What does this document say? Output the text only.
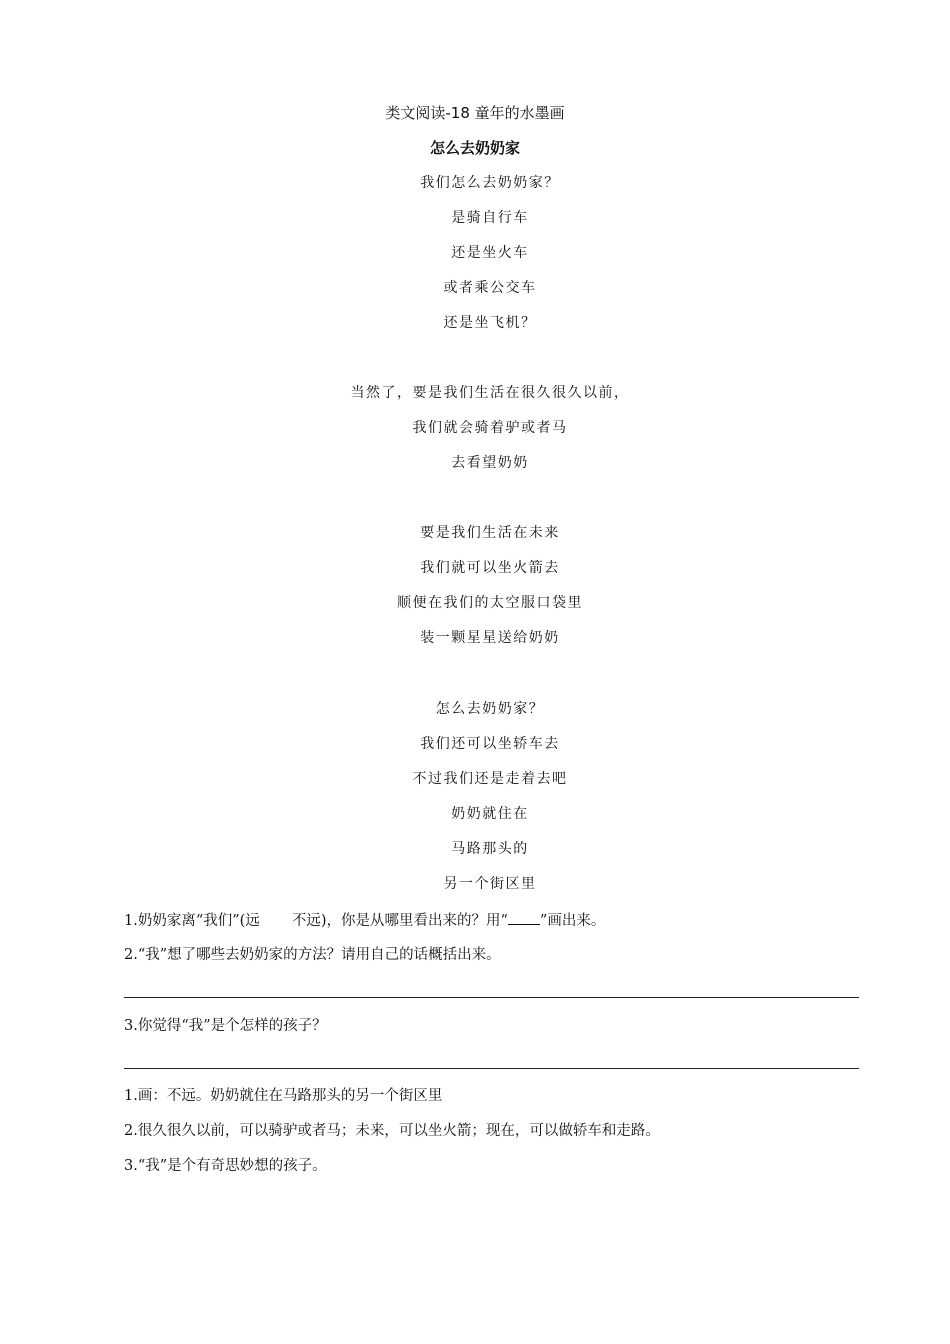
类文阅读-18 童年的水墨画
怎么去奶奶家
我们怎么去奶奶家？
是骑自行车
还是坐火车
或者乘公交车
还是坐飞机？
当然了，要是我们生活在很久很久以前，
我们就会骑着驴或者马
去看望奶奶
要是我们生活在未来
我们就可以坐火箭去
顺便在我们的太空服口袋里
装一颗星星送给奶奶
怎么去奶奶家？
我们还可以坐轿车去
不过我们还是走着去吧
奶奶就住在
马路那头的
另一个街区里
1.奶奶家离“我们”(远 不远)，你是从哪里看出来的？用“ ”画出来。
2.“我”想了哪些去奶奶家的方法？请用自己的话概括出来。
3.你觉得“我”是个怎样的孩子？
1.画：不远。奶奶就住在马路那头的另一个街区里
2.很久很久以前，可以骑驴或者马；未来，可以坐火箭；现在，可以做轿车和走路。
3.“我”是个有奇思妙想的孩子。
